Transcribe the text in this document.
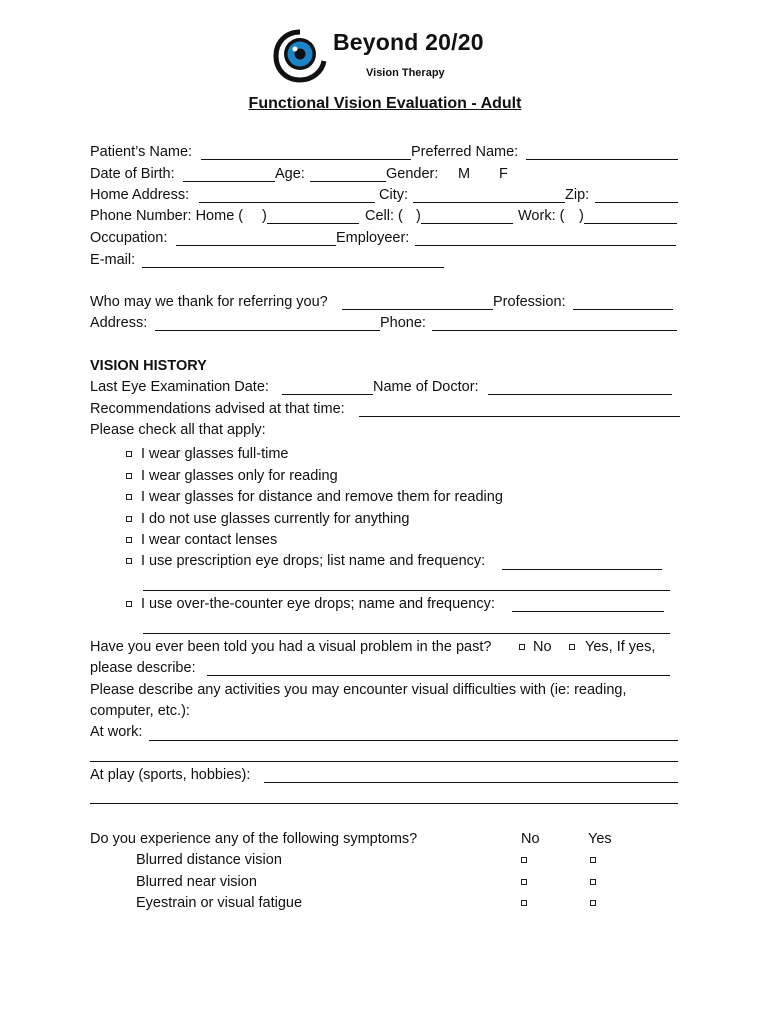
Beyond 20/20
Vision Therapy
Functional Vision Evaluation - Adult
Patient’s Name:	Preferred Name:
Date of Birth:	Age:	Gender: M F
Home Address:	City:	Zip:
Phone Number: Home ( )	Cell: ( )	Work: ( )
Occupation:	Employeer:
E-mail:
Who may we thank for referring you?	Profession:
Address:	Phone:
VISION HISTORY
Last Eye Examination Date:	Name of Doctor:
Recommendations advised at that time:
Please check all that apply:
I wear glasses full-time
I wear glasses only for reading
I wear glasses for distance and remove them for reading
I do not use glasses currently for anything
I wear contact lenses
I use prescription eye drops; list name and frequency:
I use over-the-counter eye drops; name and frequency:
Have you ever been told you had a visual problem in the past?	No Yes, If yes,
please describe:
Please describe any activities you may encounter visual difficulties with (ie: reading,
computer, etc.):
At work:
At play (sports, hobbies):
Do you experience any of the following symptoms?	No	Yes
Blurred distance vision
Blurred near vision
Eyestrain or visual fatigue
